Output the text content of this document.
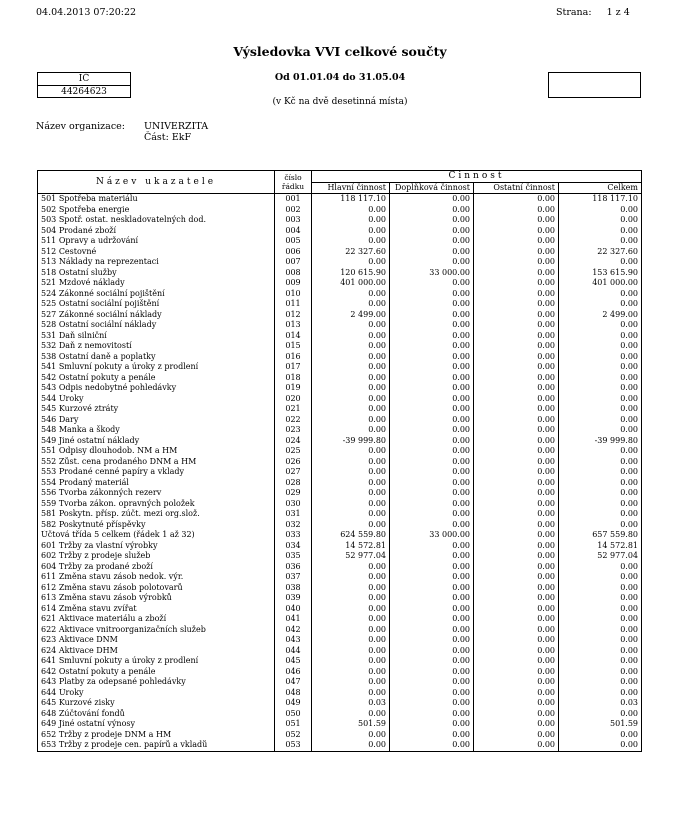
04.04.2013 07:20:22	Strana:     1 z 4
Výsledovka VVI celkové součty
IČ
44264623
Od 01.01.04 do 31.05.04
(v Kč na dvě desetinná místa)
Název organizace: UNIVERZITA
Část: EkF
Název ukazatele	číslo
řádku	Činnost			
		Hlavní činnost	Doplňková činnost	Ostatní činnost	Celkem
501 Spotřeba materiálu	001	118 117.10	0.00	0.00	118 117.10
502 Spotřeba energie	002	0.00	0.00	0.00	0.00
503 Spotř. ostat. neskladovatelných dod.	003	0.00	0.00	0.00	0.00
504 Prodané zboží	004	0.00	0.00	0.00	0.00
511 Opravy a udržování	005	0.00	0.00	0.00	0.00
512 Cestovné	006	22 327.60	0.00	0.00	22 327.60
513 Náklady na reprezentaci	007	0.00	0.00	0.00	0.00
518 Ostatní služby	008	120 615.90	33 000.00	0.00	153 615.90
521 Mzdové náklady	009	401 000.00	0.00	0.00	401 000.00
524 Zákonné sociální pojištění	010	0.00	0.00	0.00	0.00
525 Ostatní sociální pojištění	011	0.00	0.00	0.00	0.00
527 Zákonné sociální náklady	012	2 499.00	0.00	0.00	2 499.00
528 Ostatní sociální náklady	013	0.00	0.00	0.00	0.00
531 Daň silniční	014	0.00	0.00	0.00	0.00
532 Daň z nemovitostí	015	0.00	0.00	0.00	0.00
538 Ostatní daně a poplatky	016	0.00	0.00	0.00	0.00
541 Smluvní pokuty a úroky z prodlení	017	0.00	0.00	0.00	0.00
542 Ostatní pokuty a penále	018	0.00	0.00	0.00	0.00
543 Odpis nedobytné pohledávky	019	0.00	0.00	0.00	0.00
544 Úroky	020	0.00	0.00	0.00	0.00
545 Kurzové ztráty	021	0.00	0.00	0.00	0.00
546 Dary	022	0.00	0.00	0.00	0.00
548 Manka a škody	023	0.00	0.00	0.00	0.00
549 Jiné ostatní náklady	024	-39 999.80	0.00	0.00	-39 999.80
551 Odpisy dlouhodob. NM a HM	025	0.00	0.00	0.00	0.00
552 Zůst. cena prodaného DNM a HM	026	0.00	0.00	0.00	0.00
553 Prodané cenné papíry a vklady	027	0.00	0.00	0.00	0.00
554 Prodaný materiál	028	0.00	0.00	0.00	0.00
556 Tvorba zákonných rezerv	029	0.00	0.00	0.00	0.00
559 Tvorba zákon. opravných položek	030	0.00	0.00	0.00	0.00
581 Poskytn. přísp. zúčt. mezi org.slož.	031	0.00	0.00	0.00	0.00
582 Poskytnuté příspěvky	032	0.00	0.00	0.00	0.00
Účtová třída 5 celkem (řádek 1 až 32)	033	624 559.80	33 000.00	0.00	657 559.80
601 Tržby za vlastní výrobky	034	14 572.81	0.00	0.00	14 572.81
602 Tržby z prodeje služeb	035	52 977.04	0.00	0.00	52 977.04
604 Tržby za prodané zboží	036	0.00	0.00	0.00	0.00
611 Změna stavu zásob nedok. výr.	037	0.00	0.00	0.00	0.00
612 Změna stavu zásob polotovarů	038	0.00	0.00	0.00	0.00
613 Změna stavu zásob výrobků	039	0.00	0.00	0.00	0.00
614 Změna stavu zvířat	040	0.00	0.00	0.00	0.00
621 Aktivace materiálu a zboží	041	0.00	0.00	0.00	0.00
622 Aktivace vnitroorganizačních služeb	042	0.00	0.00	0.00	0.00
623 Aktivace DNM	043	0.00	0.00	0.00	0.00
624 Aktivace DHM	044	0.00	0.00	0.00	0.00
641 Smluvní pokuty a úroky z prodlení	045	0.00	0.00	0.00	0.00
642 Ostatní pokuty a penále	046	0.00	0.00	0.00	0.00
643 Platby za odepsané pohledávky	047	0.00	0.00	0.00	0.00
644 Úroky	048	0.00	0.00	0.00	0.00
645 Kurzové zisky	049	0.03	0.00	0.00	0.03
648 Zúčtování fondů	050	0.00	0.00	0.00	0.00
649 Jiné ostatní výnosy	051	501.59	0.00	0.00	501.59
652 Tržby z prodeje DNM a HM	052	0.00	0.00	0.00	0.00
653 Tržby z prodeje cen. papírů a vkladů	053	0.00	0.00	0.00	0.00
